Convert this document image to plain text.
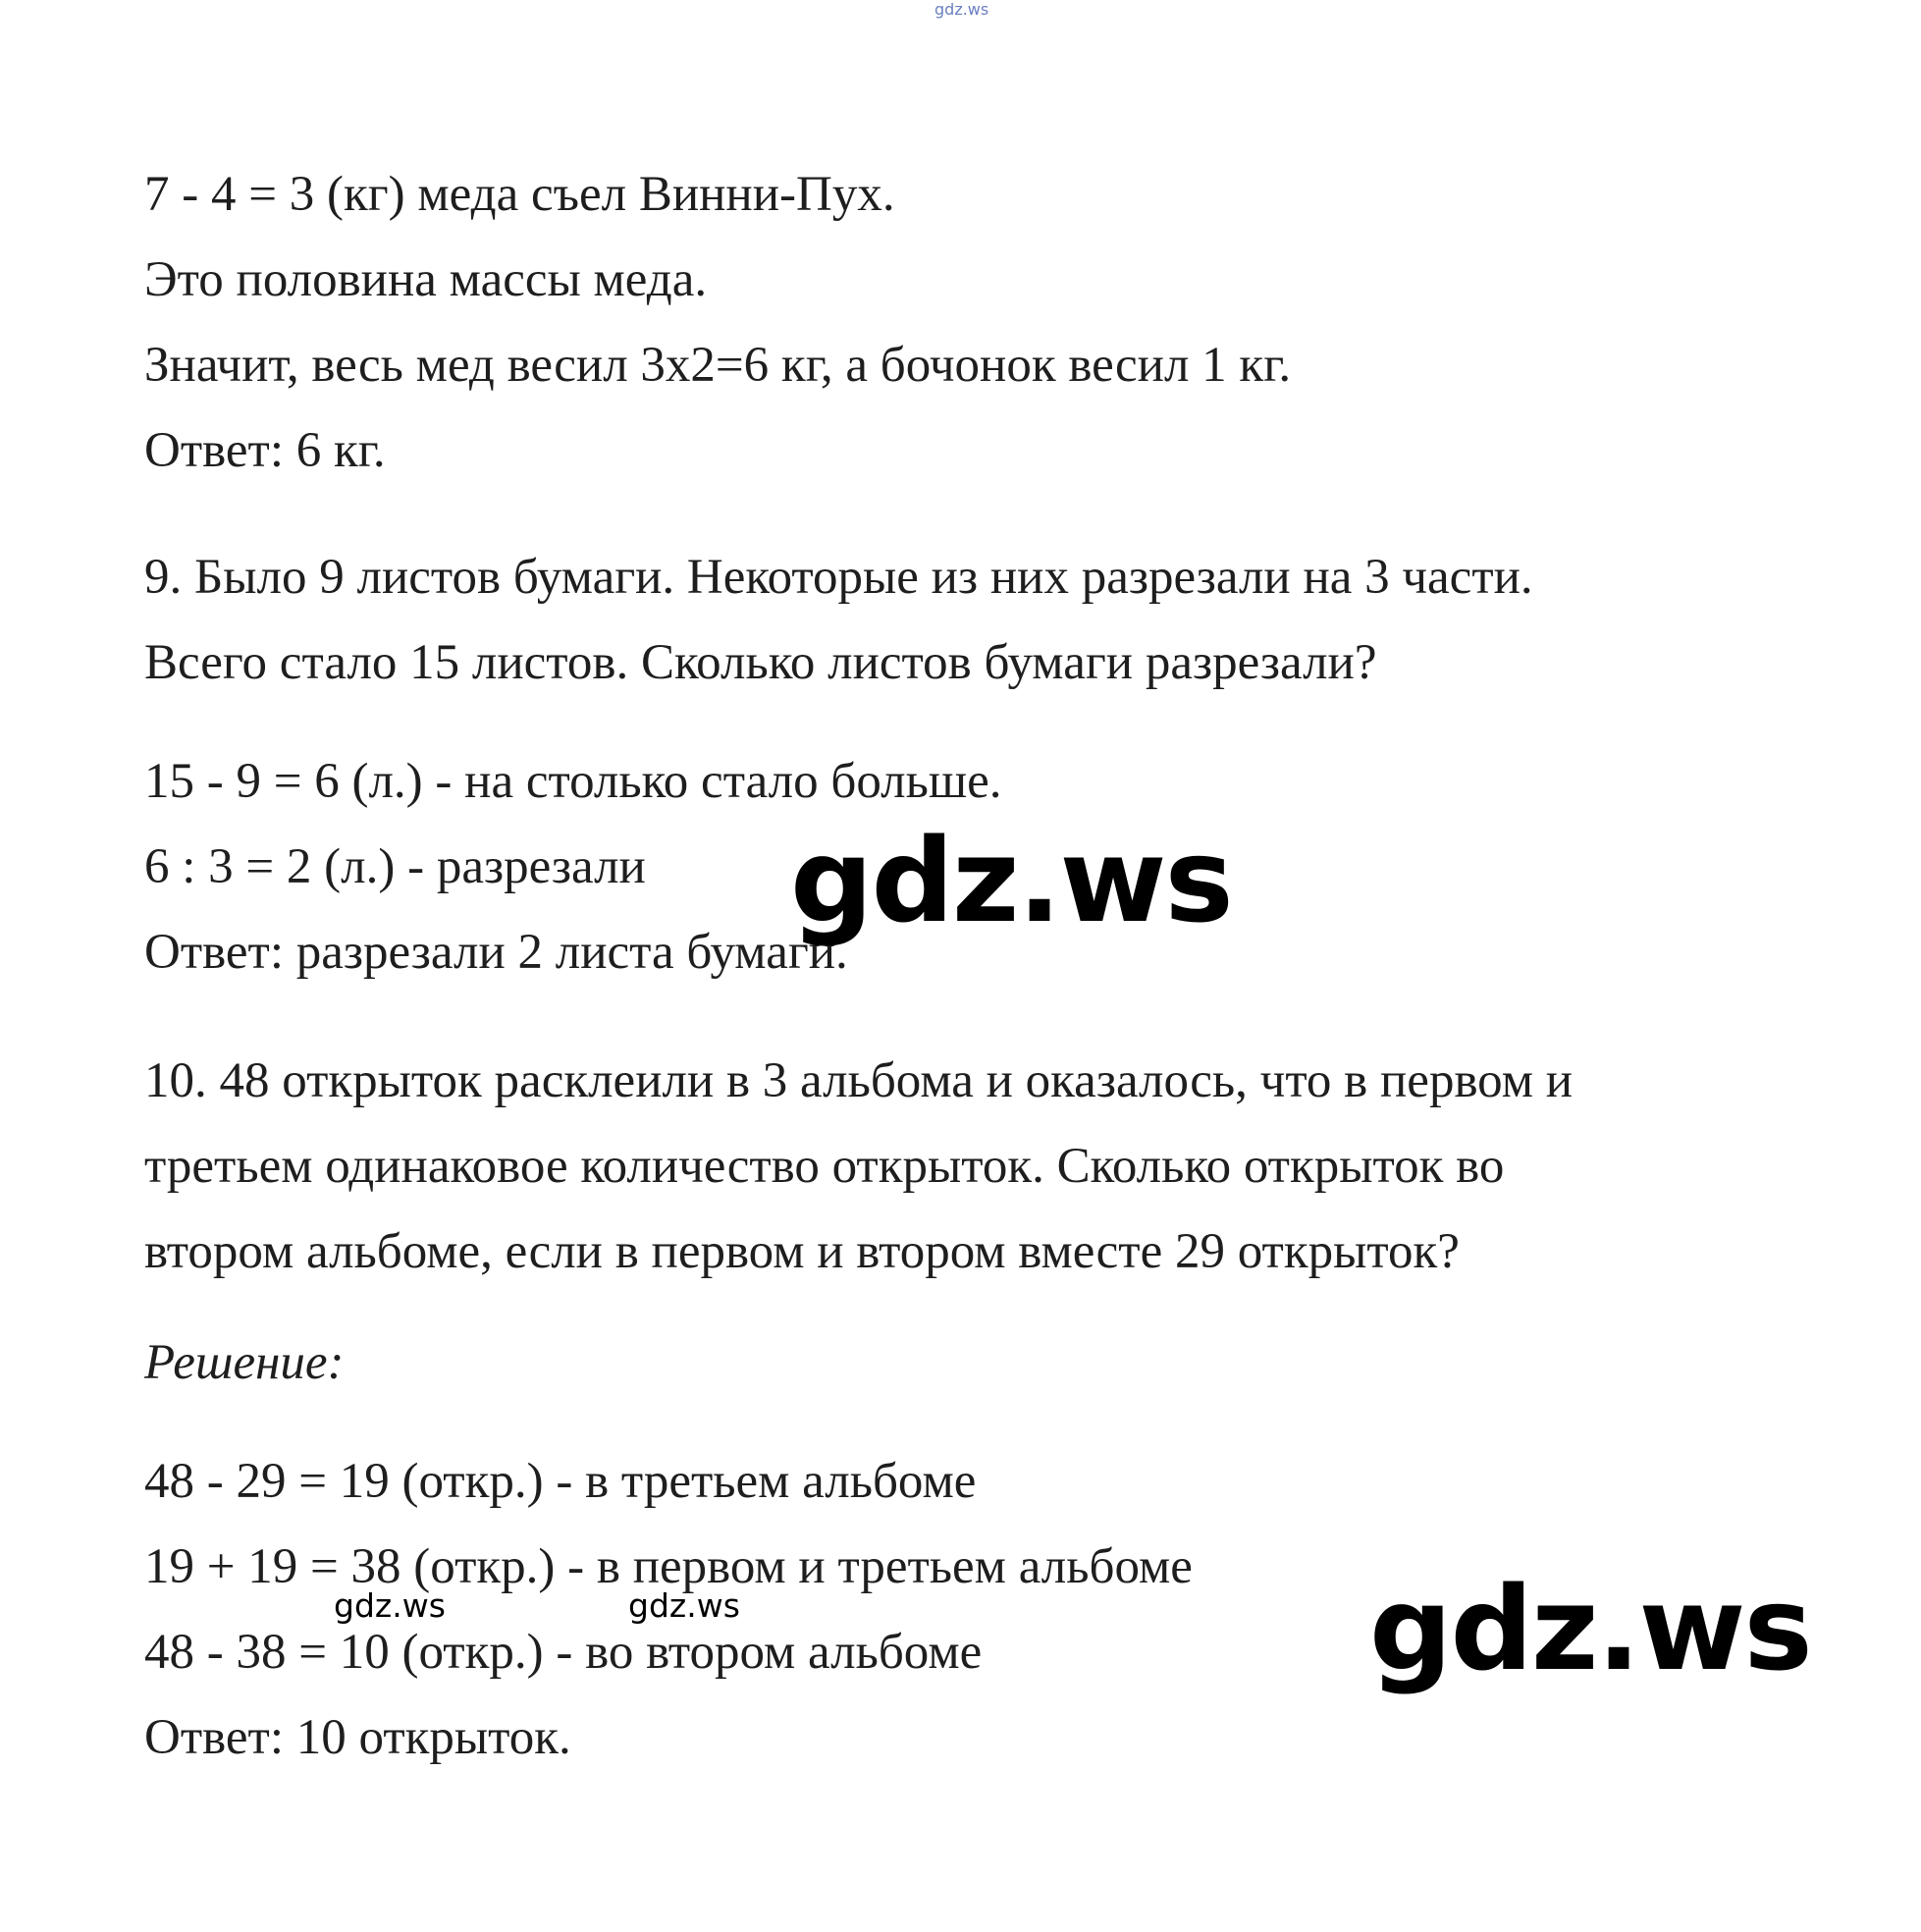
gdz.ws
7 - 4 = 3 (кг) меда съел Винни-Пух.
Это половина массы меда.
Значит, весь мед весил 3х2=6 кг, а бочонок весил 1 кг.
Ответ: 6 кг.
9. Было 9 листов бумаги. Некоторые из них разрезали на 3 части.
Всего стало 15 листов. Сколько листов бумаги разрезали?
15 - 9 = 6 (л.) - на столько стало больше.
6 : 3 = 2 (л.) - разрезали
Ответ: разрезали 2 листа бумаги.
10. 48 открыток расклеили в 3 альбома и оказалось, что в первом и
третьем одинаковое количество открыток. Сколько открыток во
втором альбоме, если в первом и втором вместе 29 открыток?
Решение:
48 - 29 = 19 (откр.) - в третьем альбоме
19 + 19 = 38 (откр.) - в первом и третьем альбоме
48 - 38 = 10 (откр.) - во втором альбоме
Ответ: 10 открыток.
gdz.ws
gdz.ws	gdz.ws	gdz.ws
